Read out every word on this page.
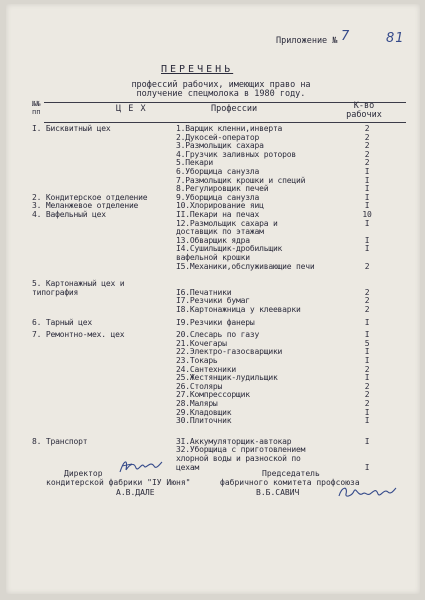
Приложение № 7	81
ПЕРЕЧЕНЬ
профессий рабочих, имеющих право на
получение спецмолока в 1980 году.
№№ пп	Ц Е Х	Профессии	К-во рабочих
I. Бисквитный цех	1.Варщик кленни,инверта	2
2.Дукосей-оператор	2
3.Размольщик сахара	2
4.Грузчик заливных роторов	2
5.Пекари	2
6.Уборщица санузла	I
7.Размольщик крошки и специй	I
8.Регулировщик печей	I
2. Кондитерское отделение	9.Уборщица санузла	I
3. Меланжевое отделение	10.Хлорирование яиц	I
4. Вафельный цех	II.Пекари на печах	10
12.Размольщик сахара и	I
доставщик по этажам
13.Обварщик ядра	I
I4.Сушильщик-дробильщик	I
вафельной крошки
I5.Механики,обслуживающие печи	2
5. Картонажный цех и
типография	I6.Печатники	2
I7.Резчики бумаг	2
I8.Картонажница у клееварки	2
6. Тарный цех	I9.Резчики фанеры	I
7. Ремонтно-мех. цех	20.Слесарь по газу	I
21.Кочегары	5
22.Электро-газосварщики	I
23.Токарь	I
24.Сантехники	2
25.Жестянщик-лудильщик	I
26.Столяры	2
27.Компрессорщик	2
28.Маляры	2
29.Кладовщик	I
30.Плиточник	I
8. Транспорт	3I.Аккумуляторщик-автокар	I
32.Уборщица с приготовлением
хлорной воды и разноской по
цехам	I
Директор
кондитерской фабрики "IУ Июня"
А.В.ДАЛЕ
Председатель
фабричного комитета профсоюза
В.Б.САВИЧ
